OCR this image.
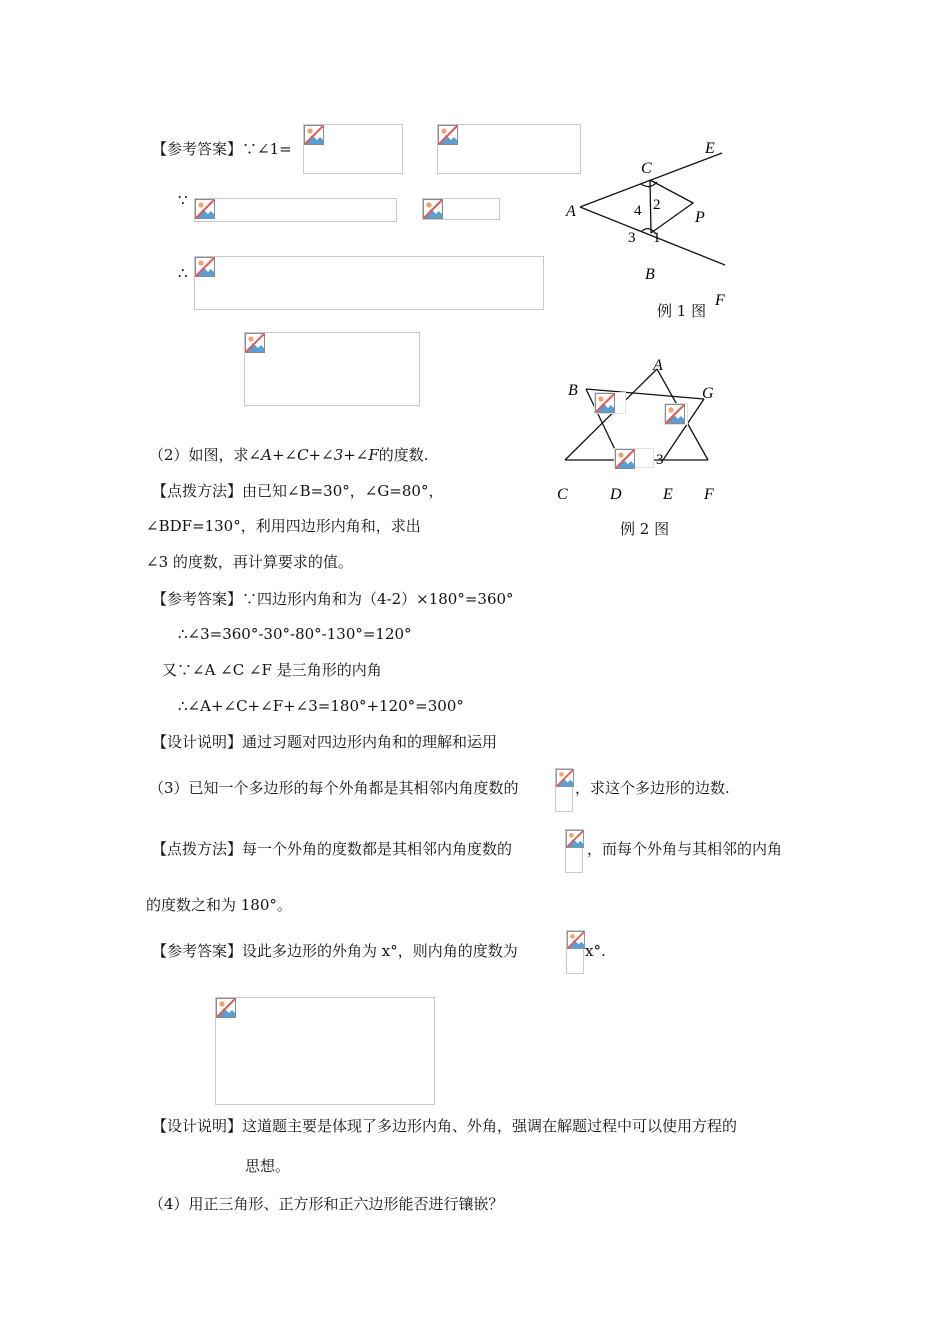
【参考答案】∵∠1=
∵
∴
E
C
A	P
B
F
2
4
3 1
例 1 图
A
B	G
3
C	D	E F
例 2 图
（2）如图，求∠A+∠C+∠3+∠F的度数.
【点拨方法】由已知∠B=30°，∠G=80°，
∠BDF=130°，利用四边形内角和，求出
∠3 的度数，再计算要求的值。
【参考答案】∵四边形内角和为（4-2）×180°=360°
∴∠3=360°-30°-80°-130°=120°
又∵∠A ∠C ∠F 是三角形的内角
∴∠A+∠C+∠F+∠3=180°+120°=300°
【设计说明】通过习题对四边形内角和的理解和运用
（3）已知一个多边形的每个外角都是其相邻内角度数的	，求这个多边形的边数.
【点拨方法】每一个外角的度数都是其相邻内角度数的	，而每个外角与其相邻的内角
的度数之和为 180°。
【参考答案】设此多边形的外角为 x°，则内角的度数为	x°.
【设计说明】这道题主要是体现了多边形内角、外角，强调在解题过程中可以使用方程的
思想。
（4）用正三角形、正方形和正六边形能否进行镶嵌？
